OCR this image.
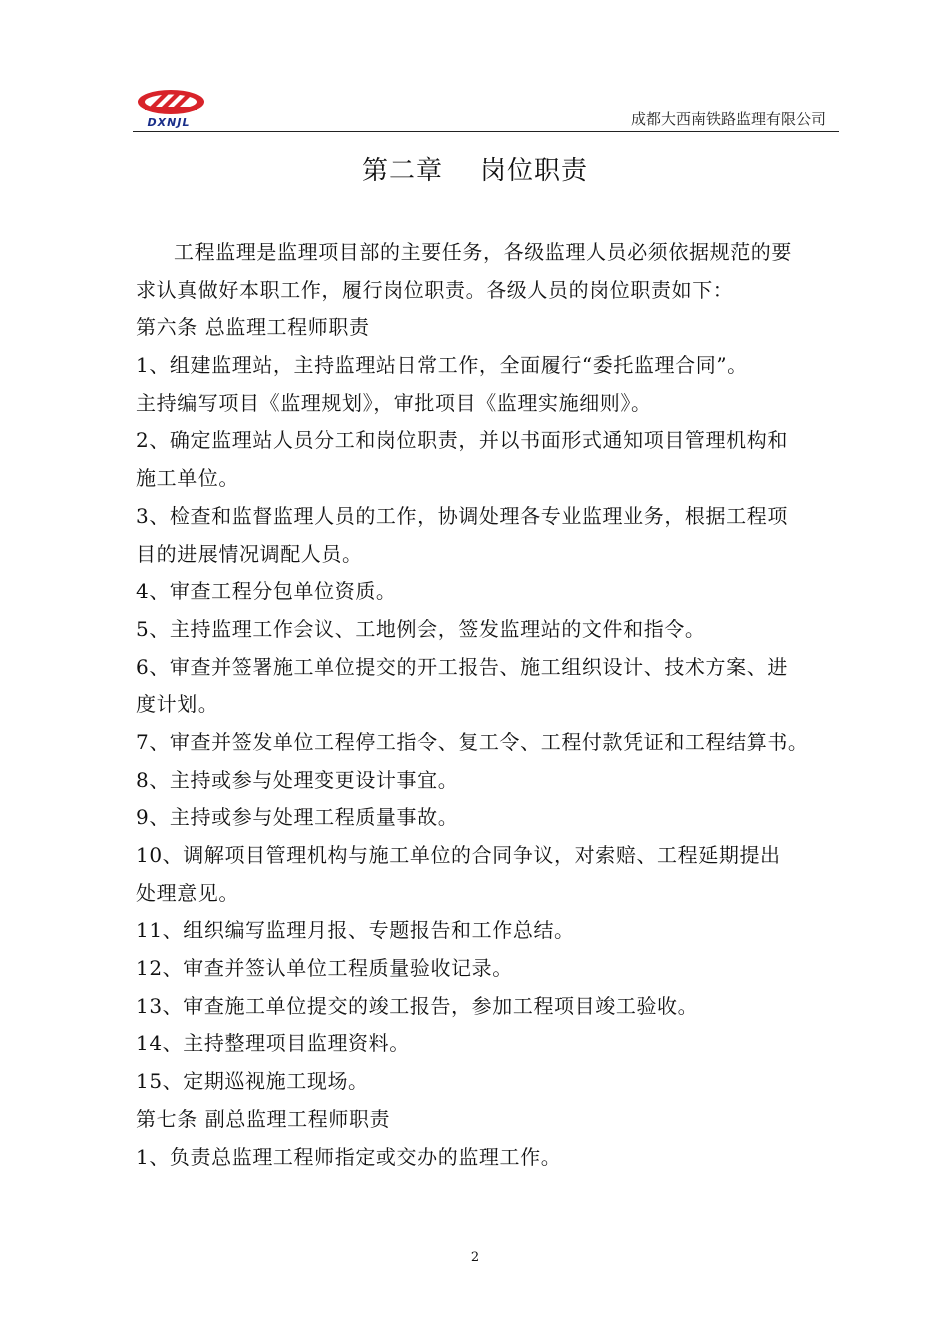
DXNJL	成都大西南铁路监理有限公司
第二章    岗位职责
工程监理是监理项目部的主要任务，各级监理人员必须依据规范的要
求认真做好本职工作，履行岗位职责。各级人员的岗位职责如下：
第六条 总监理工程师职责
1、组建监理站，主持监理站日常工作，全面履行“委托监理合同”。
主持编写项目《监理规划》，审批项目《监理实施细则》。
2、确定监理站人员分工和岗位职责，并以书面形式通知项目管理机构和
施工单位。
3、检查和监督监理人员的工作，协调处理各专业监理业务，根据工程项
目的进展情况调配人员。
4、审查工程分包单位资质。
5、主持监理工作会议、工地例会，签发监理站的文件和指令。
6、审查并签署施工单位提交的开工报告、施工组织设计、技术方案、进
度计划。
7、审查并签发单位工程停工指令、复工令、工程付款凭证和工程结算书。
8、主持或参与处理变更设计事宜。
9、主持或参与处理工程质量事故。
10、调解项目管理机构与施工单位的合同争议，对索赔、工程延期提出
处理意见。
11、组织编写监理月报、专题报告和工作总结。
12、审查并签认单位工程质量验收记录。
13、审查施工单位提交的竣工报告，参加工程项目竣工验收。
14、主持整理项目监理资料。
15、定期巡视施工现场。
第七条 副总监理工程师职责
1、负责总监理工程师指定或交办的监理工作。
2
